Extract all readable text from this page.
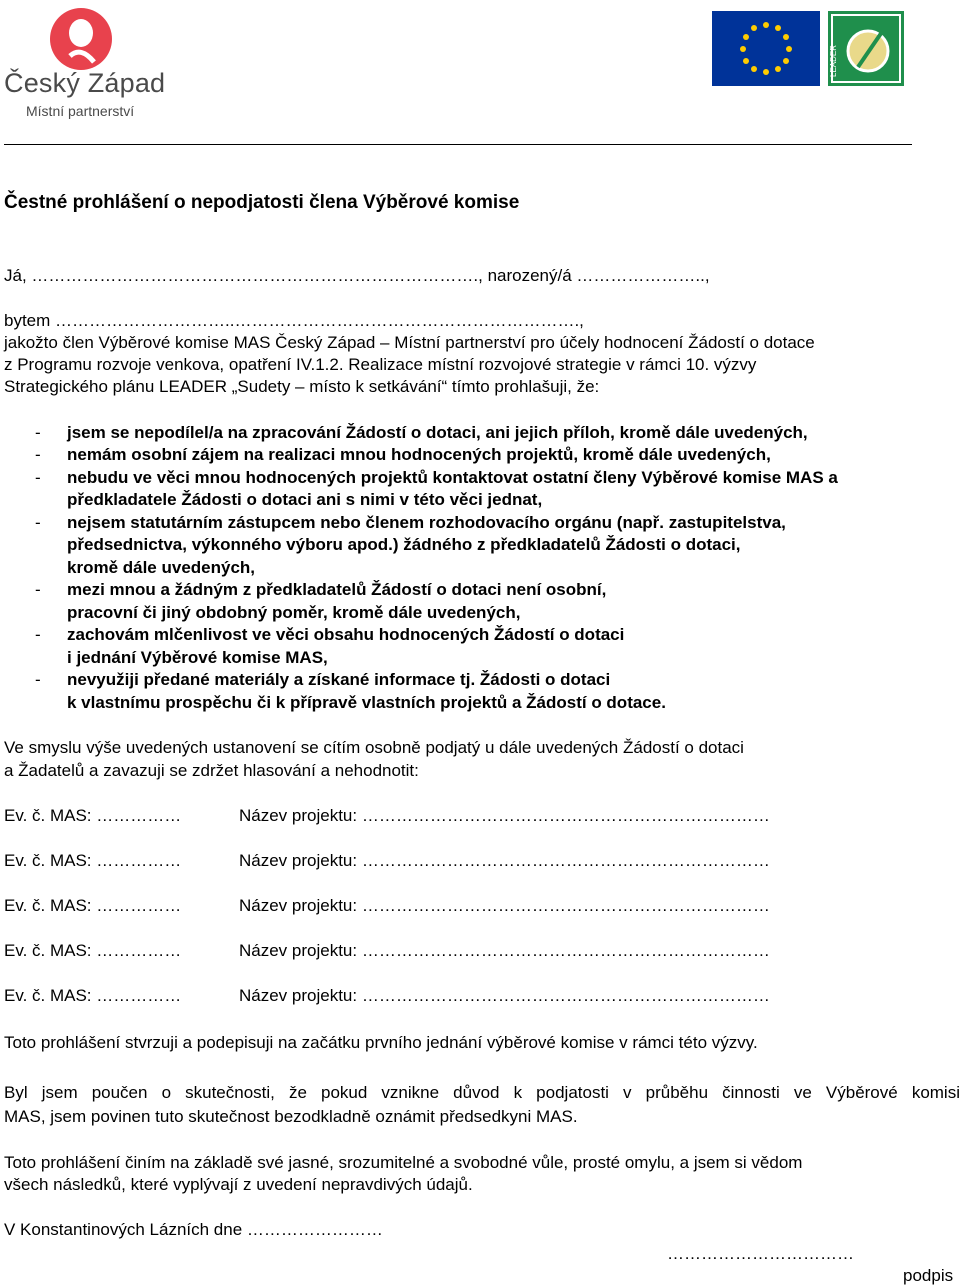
Český Západ
Místní partnerství
LEADER
Čestné prohlášení o nepodjatosti člena Výběrové komise
Já, ……………………………………………………………………., narozený/á …………………..,
bytem …………………………..…………………………………………………….,
jakožto člen Výběrové komise MAS Český Západ – Místní partnerství pro účely hodnocení Žádostí o dotace
z Programu rozvoje venkova, opatření IV.1.2. Realizace místní rozvojové strategie v rámci 10. výzvy
Strategického plánu LEADER „Sudety – místo k setkávání“ tímto prohlašuji, že:
- jsem se nepodílel/a na zpracování Žádostí o dotaci, ani jejich příloh, kromě dále uvedených,
- nemám osobní zájem na realizaci mnou hodnocených projektů, kromě dále uvedených,
- nebudu ve věci mnou hodnocených projektů kontaktovat ostatní členy Výběrové komise MAS a
předkladatele Žádosti o dotaci ani s nimi v této věci jednat,
- nejsem statutárním zástupcem nebo členem rozhodovacího orgánu (např. zastupitelstva,
předsednictva, výkonného výboru apod.) žádného z předkladatelů Žádosti o dotaci,
kromě dále uvedených,
- mezi mnou a žádným z předkladatelů Žádostí o dotaci není osobní,
pracovní či jiný obdobný poměr, kromě dále uvedených,
- zachovám mlčenlivost ve věci obsahu hodnocených Žádostí o dotaci
i jednání Výběrové komise MAS,
- nevyužiji předané materiály a získané informace tj. Žádosti o dotaci
k vlastnímu prospěchu či k přípravě vlastních projektů a Žádostí o dotace.
Ve smyslu výše uvedených ustanovení se cítím osobně podjatý u dále uvedených Žádostí o dotaci
a Žadatelů a zavazuji se zdržet hlasování a nehodnotit:
Ev. č. MAS: ……………	Název projektu: ………………………………………………………………
Ev. č. MAS: ……………	Název projektu: ………………………………………………………………
Ev. č. MAS: ……………	Název projektu: ………………………………………………………………
Ev. č. MAS: ……………	Název projektu: ………………………………………………………………
Ev. č. MAS: ……………	Název projektu: ………………………………………………………………
Toto prohlášení stvrzuji a podepisuji na začátku prvního jednání výběrové komise v rámci této výzvy.
Byl jsem poučen o skutečnosti, že pokud vznikne důvod k podjatosti v průběhu činnosti ve Výběrové komisi
MAS, jsem povinen tuto skutečnost bezodkladně oznámit předsedkyni MAS.
Toto prohlášení činím na základě své jasné, srozumitelné a svobodné vůle, prosté omylu, a jsem si vědom
všech následků, které vyplývají z uvedení nepravdivých údajů.
V Konstantinových Lázních dne ……………………
……………………………
podpis
